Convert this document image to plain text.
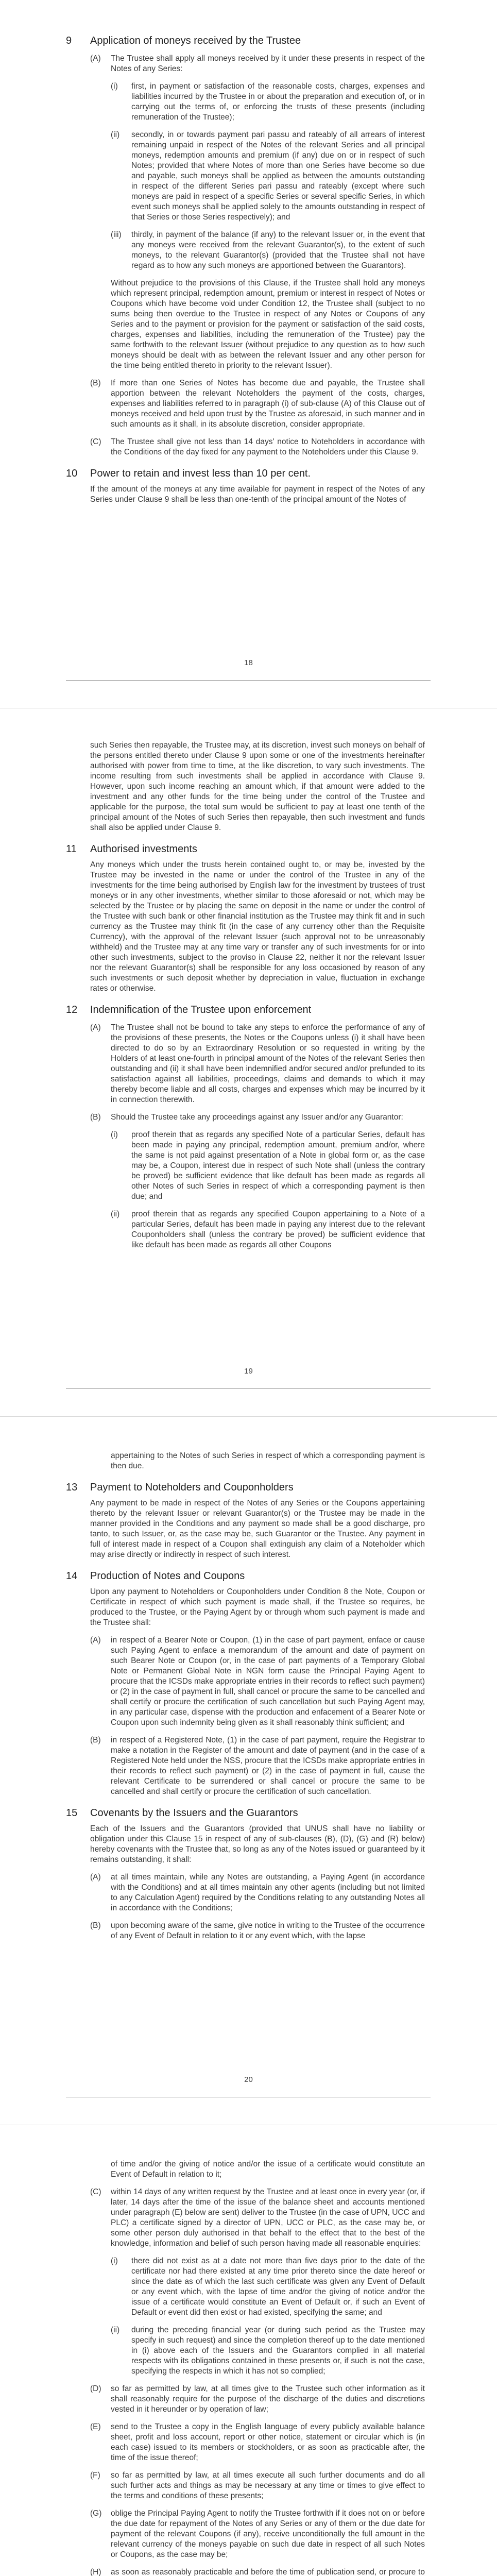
9 Application of moneys received by the Trustee
(A)	The Trustee shall apply all moneys received by it under these presents in respect of the Notes of any Series:
(i)	first, in payment or satisfaction of the reasonable costs, charges, expenses and liabilities incurred by the Trustee in or about the preparation and execution of, or in carrying out the terms of, or enforcing the trusts of these presents (including remuneration of the Trustee);
(ii)	secondly, in or towards payment pari passu and rateably of all arrears of interest remaining unpaid in respect of the Notes of the relevant Series and all principal moneys, redemption amounts and premium (if any) due on or in respect of such Notes; provided that where Notes of more than one Series have become so due and payable, such moneys shall be applied as between the amounts outstanding in respect of the different Series pari passu and rateably (except where such moneys are paid in respect of a specific Series or several specific Series, in which event such moneys shall be applied solely to the amounts outstanding in respect of that Series or those Series respectively); and
(iii)	thirdly, in payment of the balance (if any) to the relevant Issuer or, in the event that any moneys were received from the relevant Guarantor(s), to the extent of such moneys, to the relevant Guarantor(s) (provided that the Trustee shall not have regard as to how any such moneys are apportioned between the Guarantors).
Without prejudice to the provisions of this Clause, if the Trustee shall hold any moneys which represent principal, redemption amount, premium or interest in respect of Notes or Coupons which have become void under Condition 12, the Trustee shall (subject to no sums being then overdue to the Trustee in respect of any Notes or Coupons of any Series and to the payment or provision for the payment or satisfaction of the said costs, charges, expenses and liabilities, including the remuneration of the Trustee) pay the same forthwith to the relevant Issuer (without prejudice to any question as to how such moneys should be dealt with as between the relevant Issuer and any other person for the time being entitled thereto in priority to the relevant Issuer).
(B)	If more than one Series of Notes has become due and payable, the Trustee shall apportion between the relevant Noteholders the payment of the costs, charges, expenses and liabilities referred to in paragraph (i) of sub-clause (A) of this Clause out of moneys received and held upon trust by the Trustee as aforesaid, in such manner and in such amounts as it shall, in its absolute discretion, consider appropriate.
(C)	The Trustee shall give not less than 14 days' notice to Noteholders in accordance with the Conditions of the day fixed for any payment to the Noteholders under this Clause 9.
10 Power to retain and invest less than 10 per cent.
If the amount of the moneys at any time available for payment in respect of the Notes of any Series under Clause 9 shall be less than one-tenth of the principal amount of the Notes of
18
such Series then repayable, the Trustee may, at its discretion, invest such moneys on behalf of the persons entitled thereto under Clause 9 upon some or one of the investments hereinafter authorised with power from time to time, at the like discretion, to vary such investments. The income resulting from such investments shall be applied in accordance with Clause 9. However, upon such income reaching an amount which, if that amount were added to the investment and any other funds for the time being under the control of the Trustee and applicable for the purpose, the total sum would be sufficient to pay at least one tenth of the principal amount of the Notes of such Series then repayable, then such investment and funds shall also be applied under Clause 9.
11 Authorised investments
Any moneys which under the trusts herein contained ought to, or may be, invested by the Trustee may be invested in the name or under the control of the Trustee in any of the investments for the time being authorised by English law for the investment by trustees of trust moneys or in any other investments, whether similar to those aforesaid or not, which may be selected by the Trustee or by placing the same on deposit in the name or under the control of the Trustee with such bank or other financial institution as the Trustee may think fit and in such currency as the Trustee may think fit (in the case of any currency other than the Requisite Currency), with the approval of the relevant Issuer (such approval not to be unreasonably withheld) and the Trustee may at any time vary or transfer any of such investments for or into other such investments, subject to the proviso in Clause 22, neither it nor the relevant Issuer nor the relevant Guarantor(s) shall be responsible for any loss occasioned by reason of any such investments or such deposit whether by depreciation in value, fluctuation in exchange rates or otherwise.
12 Indemnification of the Trustee upon enforcement
(A)	The Trustee shall not be bound to take any steps to enforce the performance of any of the provisions of these presents, the Notes or the Coupons unless (i) it shall have been directed to do so by an Extraordinary Resolution or so requested in writing by the Holders of at least one-fourth in principal amount of the Notes of the relevant Series then outstanding and (ii) it shall have been indemnified and/or secured and/or prefunded to its satisfaction against all liabilities, proceedings, claims and demands to which it may thereby become liable and all costs, charges and expenses which may be incurred by it in connection therewith.
(B)	Should the Trustee take any proceedings against any Issuer and/or any Guarantor:
(i)	proof therein that as regards any specified Note of a particular Series, default has been made in paying any principal, redemption amount, premium and/or, where the same is not paid against presentation of a Note in global form or, as the case may be, a Coupon, interest due in respect of such Note shall (unless the contrary be proved) be sufficient evidence that like default has been made as regards all other Notes of such Series in respect of which a corresponding payment is then due; and
(ii)	proof therein that as regards any specified Coupon appertaining to a Note of a particular Series, default has been made in paying any interest due to the relevant Couponholders shall (unless the contrary be proved) be sufficient evidence that like default has been made as regards all other Coupons
19
appertaining to the Notes of such Series in respect of which a corresponding payment is then due.
13 Payment to Noteholders and Couponholders
Any payment to be made in respect of the Notes of any Series or the Coupons appertaining thereto by the relevant Issuer or relevant Guarantor(s) or the Trustee may be made in the manner provided in the Conditions and any payment so made shall be a good discharge, pro tanto, to such Issuer, or, as the case may be, such Guarantor or the Trustee. Any payment in full of interest made in respect of a Coupon shall extinguish any claim of a Noteholder which may arise directly or indirectly in respect of such interest.
14 Production of Notes and Coupons
Upon any payment to Noteholders or Couponholders under Condition 8 the Note, Coupon or Certificate in respect of which such payment is made shall, if the Trustee so requires, be produced to the Trustee, or the Paying Agent by or through whom such payment is made and the Trustee shall:
(A)	in respect of a Bearer Note or Coupon, (1) in the case of part payment, enface or cause such Paying Agent to enface a memorandum of the amount and date of payment on such Bearer Note or Coupon (or, in the case of part payments of a Temporary Global Note or Permanent Global Note in NGN form cause the Principal Paying Agent to procure that the ICSDs make appropriate entries in their records to reflect such payment) or (2) in the case of payment in full, shall cancel or procure the same to be cancelled and shall certify or procure the certification of such cancellation but such Paying Agent may, in any particular case, dispense with the production and enfacement of a Bearer Note or Coupon upon such indemnity being given as it shall reasonably think sufficient; and
(B)	in respect of a Registered Note, (1) in the case of part payment, require the Registrar to make a notation in the Register of the amount and date of payment (and in the case of a Registered Note held under the NSS, procure that the ICSDs make appropriate entries in their records to reflect such payment) or (2) in the case of payment in full, cause the relevant Certificate to be surrendered or shall cancel or procure the same to be cancelled and shall certify or procure the certification of such cancellation.
15 Covenants by the Issuers and the Guarantors
Each of the Issuers and the Guarantors (provided that UNUS shall have no liability or obligation under this Clause 15 in respect of any of sub-clauses (B), (D), (G) and (R) below) hereby covenants with the Trustee that, so long as any of the Notes issued or guaranteed by it remains outstanding, it shall:
(A)	at all times maintain, while any Notes are outstanding, a Paying Agent (in accordance with the Conditions) and at all times maintain any other agents (including but not limited to any Calculation Agent) required by the Conditions relating to any outstanding Notes all in accordance with the Conditions;
(B)	upon becoming aware of the same, give notice in writing to the Trustee of the occurrence of any Event of Default in relation to it or any event which, with the lapse
20
of time and/or the giving of notice and/or the issue of a certificate would constitute an Event of Default in relation to it;
(C)	within 14 days of any written request by the Trustee and at least once in every year (or, if later, 14 days after the time of the issue of the balance sheet and accounts mentioned under paragraph (E) below are sent) deliver to the Trustee (in the case of UPN, UCC and PLC) a certificate signed by a director of UPN, UCC or PLC, as the case may be, or some other person duly authorised in that behalf to the effect that to the best of the knowledge, information and belief of such person having made all reasonable enquiries:
(i)	there did not exist as at a date not more than five days prior to the date of the certificate nor had there existed at any time prior thereto since the date hereof or since the date as of which the last such certificate was given any Event of Default or any event which, with the lapse of time and/or the giving of notice and/or the issue of a certificate would constitute an Event of Default or, if such an Event of Default or event did then exist or had existed, specifying the same; and
(ii)	during the preceding financial year (or during such period as the Trustee may specify in such request) and since the completion thereof up to the date mentioned in (i) above each of the Issuers and the Guarantors complied in all material respects with its obligations contained in these presents or, if such is not the case, specifying the respects in which it has not so complied;
(D)	so far as permitted by law, at all times give to the Trustee such other information as it shall reasonably require for the purpose of the discharge of the duties and discretions vested in it hereunder or by operation of law;
(E)	send to the Trustee a copy in the English language of every publicly available balance sheet, profit and loss account, report or other notice, statement or circular which is (in each case) issued to its members or stockholders, or as soon as practicable after, the time of the issue thereof;
(F)	so far as permitted by law, at all times execute all such further documents and do all such further acts and things as may be necessary at any time or times to give effect to the terms and conditions of these presents;
(G)	oblige the Principal Paying Agent to notify the Trustee forthwith if it does not on or before the due date for repayment of the Notes of any Series or any of them or the due date for payment of the relevant Coupons (if any), receive unconditionally the full amount in the relevant currency of the moneys payable on such due date in respect of all such Notes or Coupons, as the case may be;
(H)	as soon as reasonably practicable and before the time of publication send, or procure to
